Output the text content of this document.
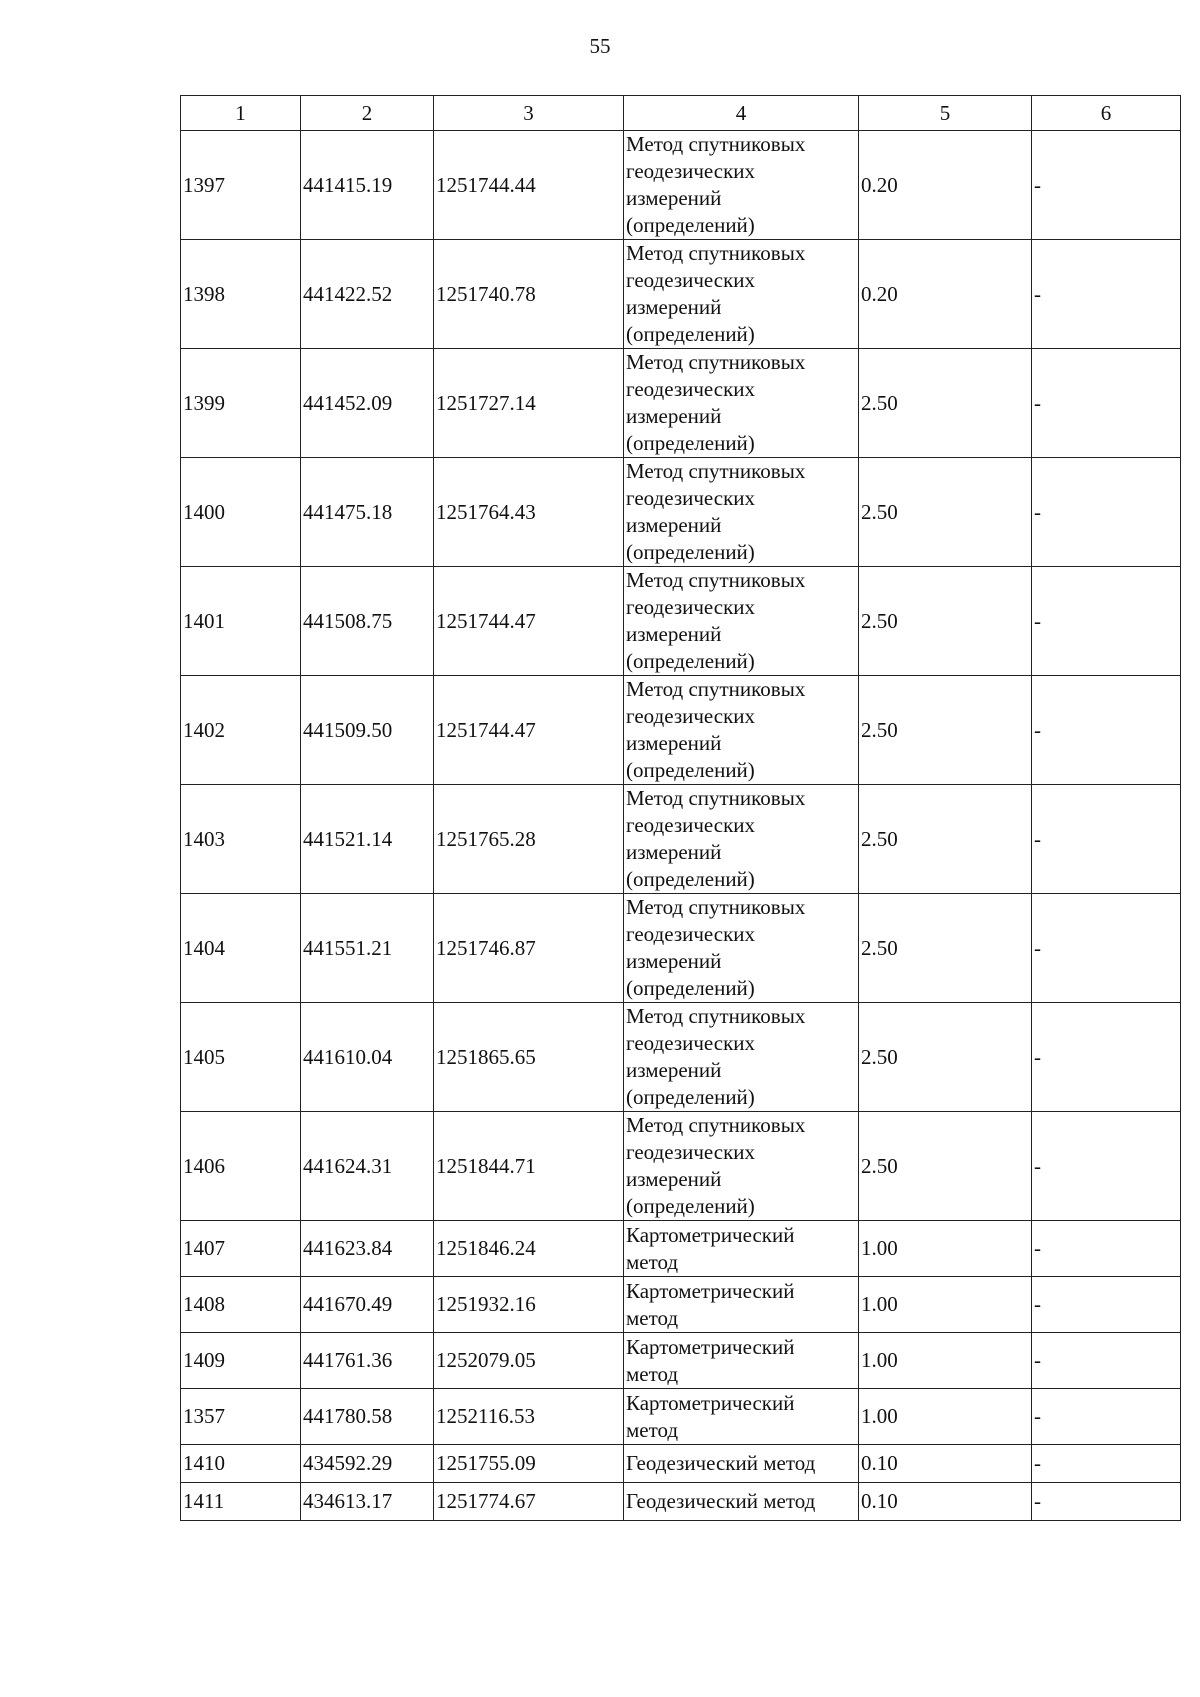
55
1	2	3	4	5	6
1397	441415.19	1251744.44	Метод спутниковых
геодезических
измерений
(определений)	0.20	-
1398	441422.52	1251740.78	Метод спутниковых
геодезических
измерений
(определений)	0.20	-
1399	441452.09	1251727.14	Метод спутниковых
геодезических
измерений
(определений)	2.50	-
1400	441475.18	1251764.43	Метод спутниковых
геодезических
измерений
(определений)	2.50	-
1401	441508.75	1251744.47	Метод спутниковых
геодезических
измерений
(определений)	2.50	-
1402	441509.50	1251744.47	Метод спутниковых
геодезических
измерений
(определений)	2.50	-
1403	441521.14	1251765.28	Метод спутниковых
геодезических
измерений
(определений)	2.50	-
1404	441551.21	1251746.87	Метод спутниковых
геодезических
измерений
(определений)	2.50	-
1405	441610.04	1251865.65	Метод спутниковых
геодезических
измерений
(определений)	2.50	-
1406	441624.31	1251844.71	Метод спутниковых
геодезических
измерений
(определений)	2.50	-
1407	441623.84	1251846.24	Картометрический
метод	1.00	-
1408	441670.49	1251932.16	Картометрический
метод	1.00	-
1409	441761.36	1252079.05	Картометрический
метод	1.00	-
1357	441780.58	1252116.53	Картометрический
метод	1.00	-
1410	434592.29	1251755.09	Геодезический метод	0.10	-
1411	434613.17	1251774.67	Геодезический метод	0.10	-
